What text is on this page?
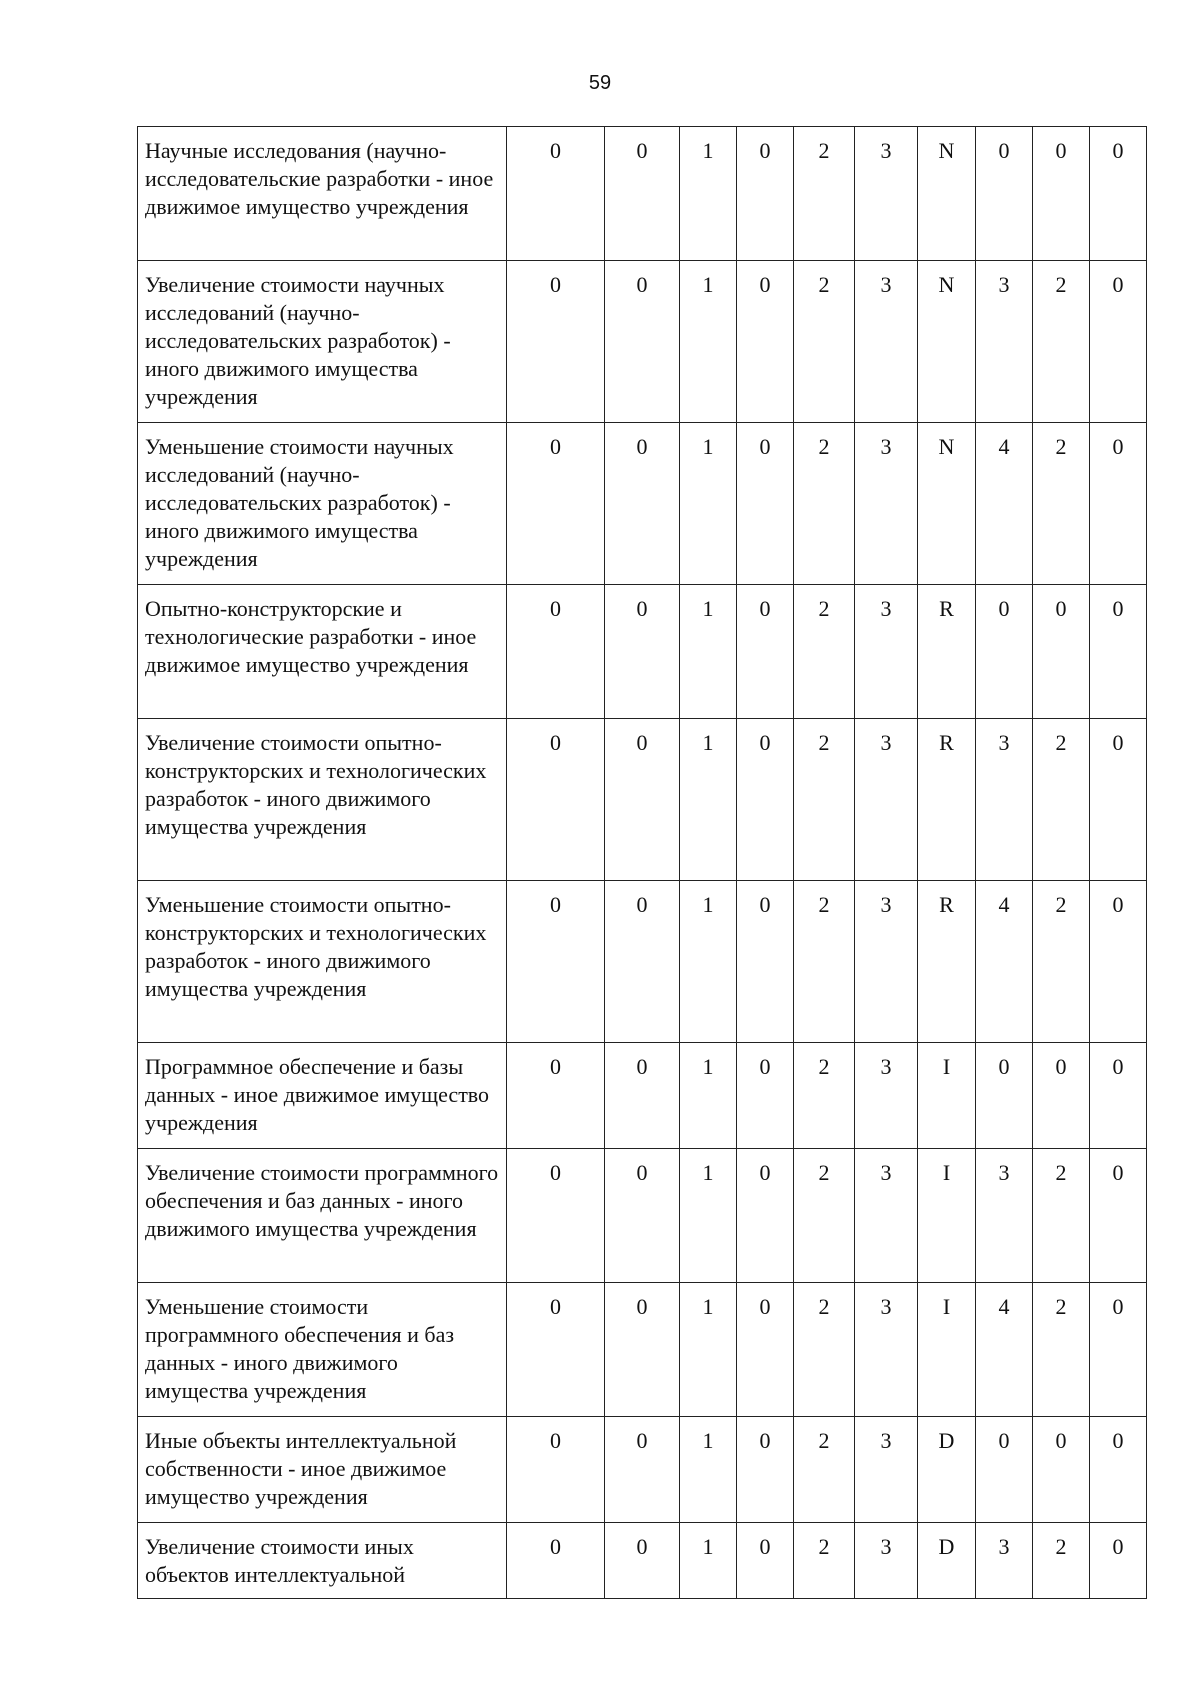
59
Научные исследования (научно-исследовательские разработки - иное движимое имущество учреждения	0	0	1	0	2	3	N	0	0	0
Увеличение стоимости научных исследований (научно-исследовательских разработок) - иного движимого имущества учреждения	0	0	1	0	2	3	N	3	2	0
Уменьшение стоимости научных исследований (научно-исследовательских разработок) - иного движимого имущества учреждения	0	0	1	0	2	3	N	4	2	0
Опытно-конструкторские и технологические разработки - иное движимое имущество учреждения	0	0	1	0	2	3	R	0	0	0
Увеличение стоимости опытно-конструкторских и технологических разработок - иного движимого имущества учреждения	0	0	1	0	2	3	R	3	2	0
Уменьшение стоимости опытно-конструкторских и технологических разработок - иного движимого имущества учреждения	0	0	1	0	2	3	R	4	2	0
Программное обеспечение и базы данных - иное движимое имущество учреждения	0	0	1	0	2	3	I	0	0	0
Увеличение стоимости программного обеспечения и баз данных - иного движимого имущества учреждения	0	0	1	0	2	3	I	3	2	0
Уменьшение стоимости программного обеспечения и баз данных - иного движимого имущества учреждения	0	0	1	0	2	3	I	4	2	0
Иные объекты интеллектуальной собственности - иное движимое имущество учреждения	0	0	1	0	2	3	D	0	0	0
Увеличение стоимости иных объектов интеллектуальной	0	0	1	0	2	3	D	3	2	0
